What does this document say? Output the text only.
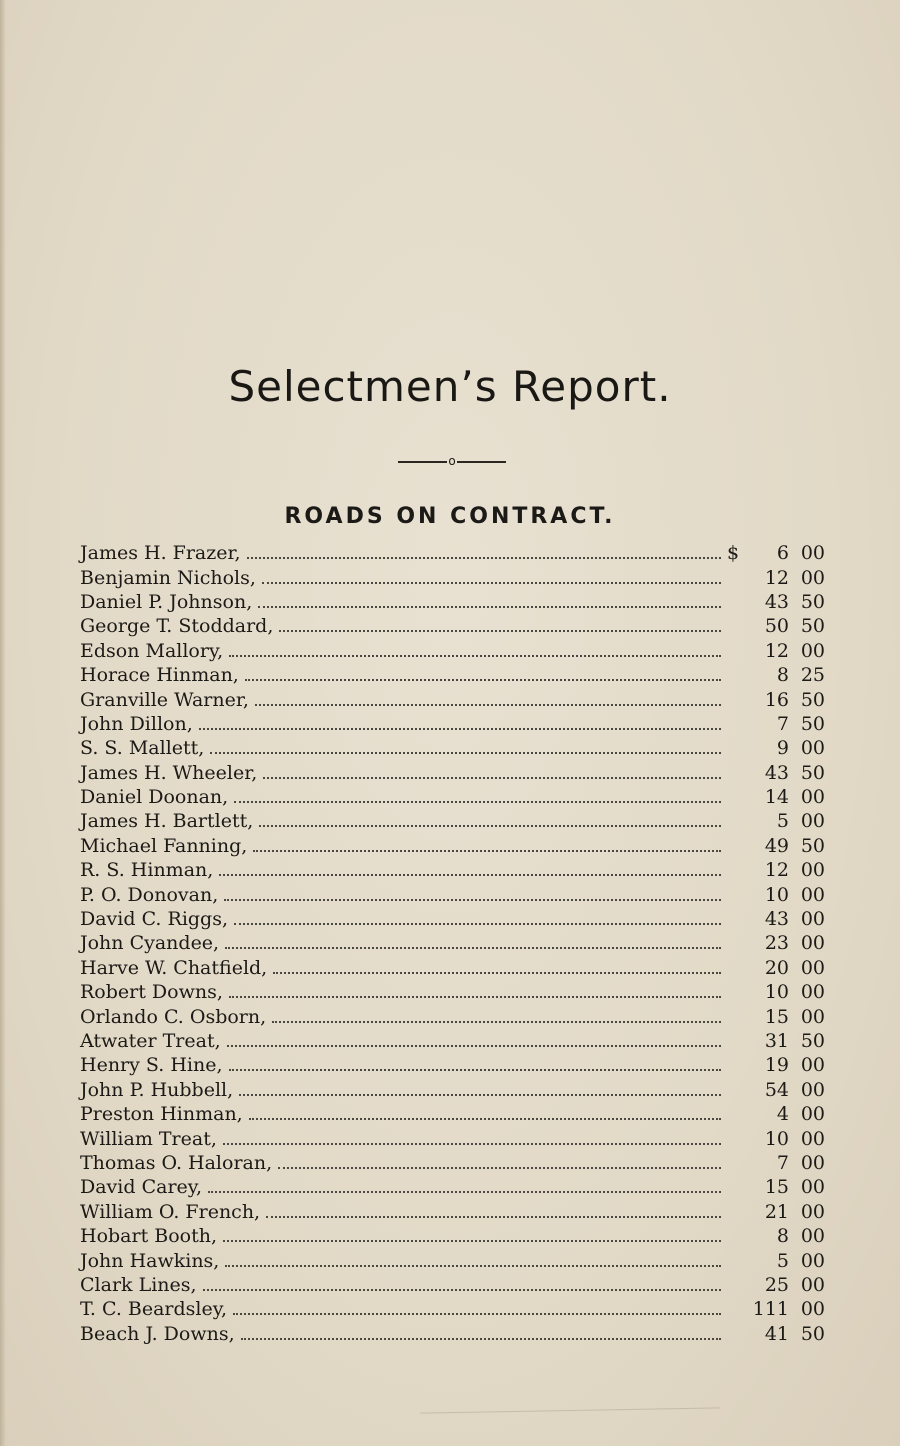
Selectmen’s Report.
o
ROADS ON CONTRACT.
James H. Frazer,	$	6 00
Benjamin Nichols,	12 00
Daniel P. Johnson,	43 50
George T. Stoddard,	50 50
Edson Mallory,	12 00
Horace Hinman,	8 25
Granville Warner,	16 50
John Dillon,	7 50
S. S. Mallett,	9 00
James H. Wheeler,	43 50
Daniel Doonan,	14 00
James H. Bartlett,	5 00
Michael Fanning,	49 50
R. S. Hinman,	12 00
P. O. Donovan,	10 00
David C. Riggs,	43 00
John Cyandee,	23 00
Harve W. Chatfield,	20 00
Robert Downs,	10 00
Orlando C. Osborn,	15 00
Atwater Treat,	31 50
Henry S. Hine,	19 00
John P. Hubbell,	54 00
Preston Hinman,	4 00
William Treat,	10 00
Thomas O. Haloran,	7 00
David Carey,	15 00
William O. French,	21 00
Hobart Booth,	8 00
John Hawkins,	5 00
Clark Lines,	25 00
T. C. Beardsley,	111 00
Beach J. Downs,	41 50
